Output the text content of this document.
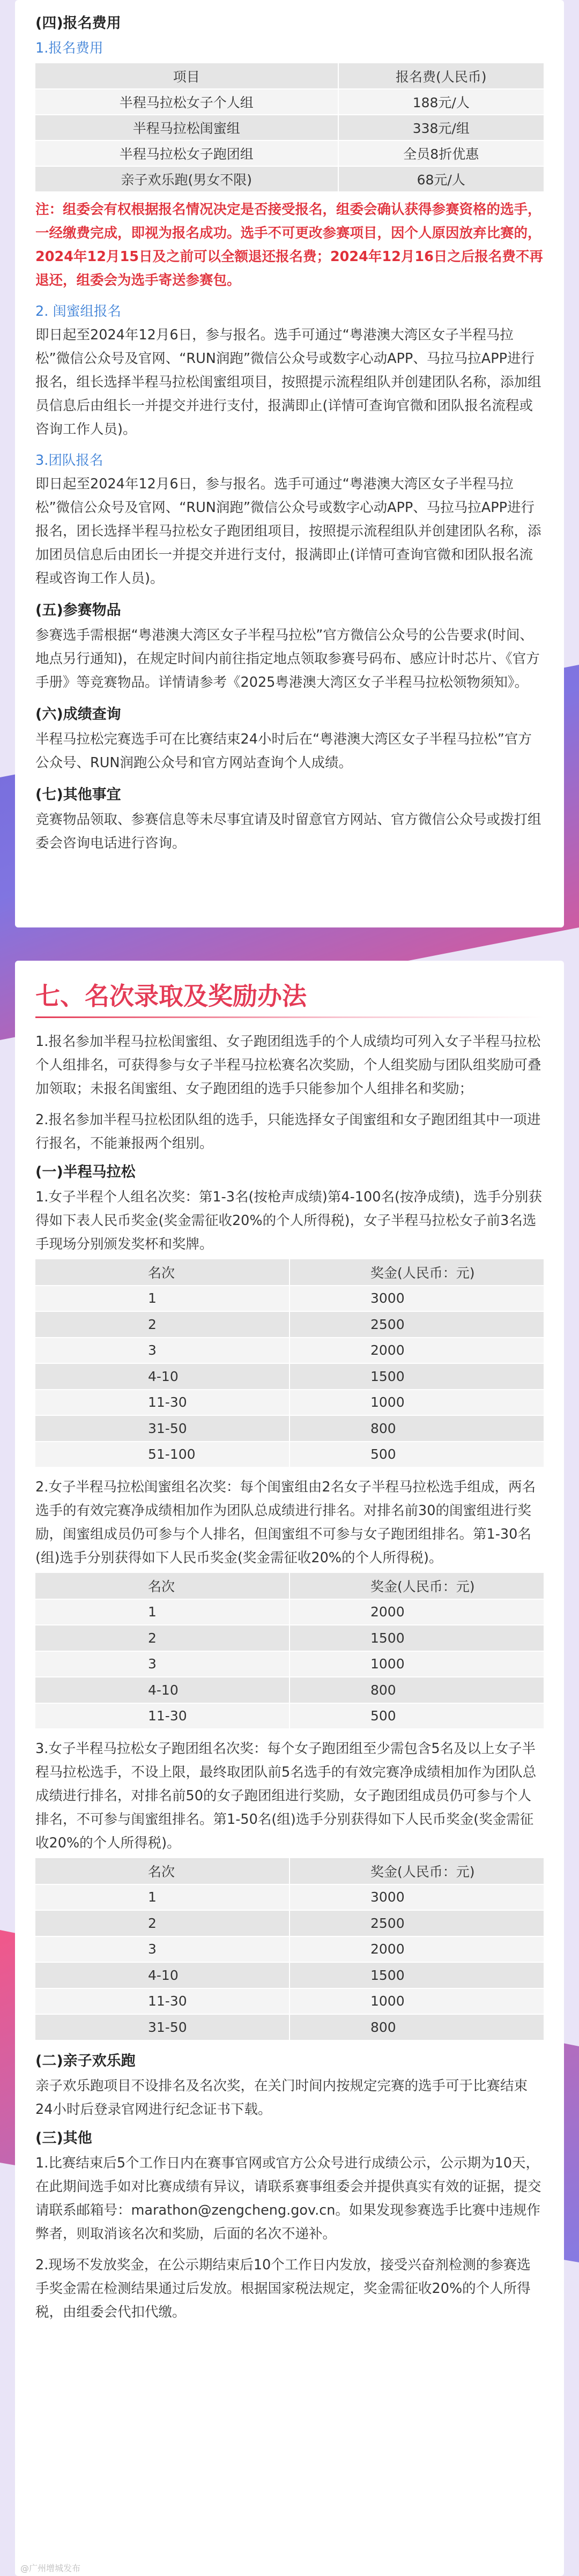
(四)报名费用

1.报名费用

项目	报名费(人民币)
半程马拉松女子个人组	188元/人
半程马拉松闺蜜组	338元/组
半程马拉松女子跑团组	全员8折优惠
亲子欢乐跑(男女不限)	68元/人

注：组委会有权根据报名情况决定是否接受报名，组委会确认获得参赛资格的选手，一经缴费完成，即视为报名成功。选手不可更改参赛项目，因个人原因放弃比赛的，2024年12月15日及之前可以全额退还报名费；2024年12月16日之后报名费不再退还，组委会为选手寄送参赛包。

2. 闺蜜组报名

即日起至2024年12月6日，参与报名。选手可通过“粤港澳大湾区女子半程马拉松”微信公众号及官网、“RUN润跑”微信公众号或数字心动APP、马拉马拉APP进行报名，组长选择半程马拉松闺蜜组项目，按照提示流程组队并创建团队名称，添加组员信息后由组长一并提交并进行支付，报满即止(详情可查询官微和团队报名流程或咨询工作人员)。

3.团队报名

即日起至2024年12月6日，参与报名。选手可通过“粤港澳大湾区女子半程马拉松”微信公众号及官网、“RUN润跑”微信公众号或数字心动APP、马拉马拉APP进行报名，团长选择半程马拉松女子跑团组项目，按照提示流程组队并创建团队名称，添加团员信息后由团长一并提交并进行支付，报满即止(详情可查询官微和团队报名流程或咨询工作人员)。

(五)参赛物品

参赛选手需根据“粤港澳大湾区女子半程马拉松”官方微信公众号的公告要求(时间、地点另行通知)，在规定时间内前往指定地点领取参赛号码布、感应计时芯片、《官方手册》等竞赛物品。详情请参考《2025粤港澳大湾区女子半程马拉松领物须知》。

(六)成绩查询

半程马拉松完赛选手可在比赛结束24小时后在“粤港澳大湾区女子半程马拉松”官方公众号、RUN润跑公众号和官方网站查询个人成绩。

(七)其他事宜

竞赛物品领取、参赛信息等未尽事宜请及时留意官方网站、官方微信公众号或拨打组委会咨询电话进行咨询。

七、名次录取及奖励办法

1.报名参加半程马拉松闺蜜组、女子跑团组选手的个人成绩均可列入女子半程马拉松个人组排名，可获得参与女子半程马拉松赛名次奖励，个人组奖励与团队组奖励可叠加领取；未报名闺蜜组、女子跑团组的选手只能参加个人组排名和奖励；

2.报名参加半程马拉松团队组的选手，只能选择女子闺蜜组和女子跑团组其中一项进行报名，不能兼报两个组别。

(一)半程马拉松

1.女子半程个人组名次奖：第1-3名(按枪声成绩)第4-100名(按净成绩)，选手分别获得如下表人民币奖金(奖金需征收20%的个人所得税)，女子半程马拉松女子前3名选手现场分别颁发奖杯和奖牌。

名次	奖金(人民币：元)
1	3000
2	2500
3	2000
4-10	1500
11-30	1000
31-50	800
51-100	500

2.女子半程马拉松闺蜜组名次奖：每个闺蜜组由2名女子半程马拉松选手组成，两名选手的有效完赛净成绩相加作为团队总成绩进行排名。对排名前30的闺蜜组进行奖励，闺蜜组成员仍可参与个人排名，但闺蜜组不可参与女子跑团组排名。第1-30名(组)选手分别获得如下人民币奖金(奖金需征收20%的个人所得税)。

名次	奖金(人民币：元)
1	2000
2	1500
3	1000
4-10	800
11-30	500

3.女子半程马拉松女子跑团组名次奖：每个女子跑团组至少需包含5名及以上女子半程马拉松选手，不设上限，最终取团队前5名选手的有效完赛净成绩相加作为团队总成绩进行排名，对排名前50的女子跑团组进行奖励，女子跑团组成员仍可参与个人排名，不可参与闺蜜组排名。第1-50名(组)选手分别获得如下人民币奖金(奖金需征收20%的个人所得税)。

名次	奖金(人民币：元)
1	3000
2	2500
3	2000
4-10	1500
11-30	1000
31-50	800
(二)亲子欢乐跑

亲子欢乐跑项目不设排名及名次奖，在关门时间内按规定完赛的选手可于比赛结束24小时后登录官网进行纪念证书下载。

(三)其他

1.比赛结束后5个工作日内在赛事官网或官方公众号进行成绩公示，公示期为10天，在此期间选手如对比赛成绩有异议，请联系赛事组委会并提供真实有效的证据，提交请联系邮箱号：marathon@zengcheng.gov.cn。如果发现参赛选手比赛中违规作弊者，则取消该名次和奖励，后面的名次不递补。

2.现场不发放奖金，在公示期结束后10个工作日内发放，接受兴奋剂检测的参赛选手奖金需在检测结果通过后发放。根据国家税法规定，奖金需征收20%的个人所得税，由组委会代扣代缴。

@广州增城发布
